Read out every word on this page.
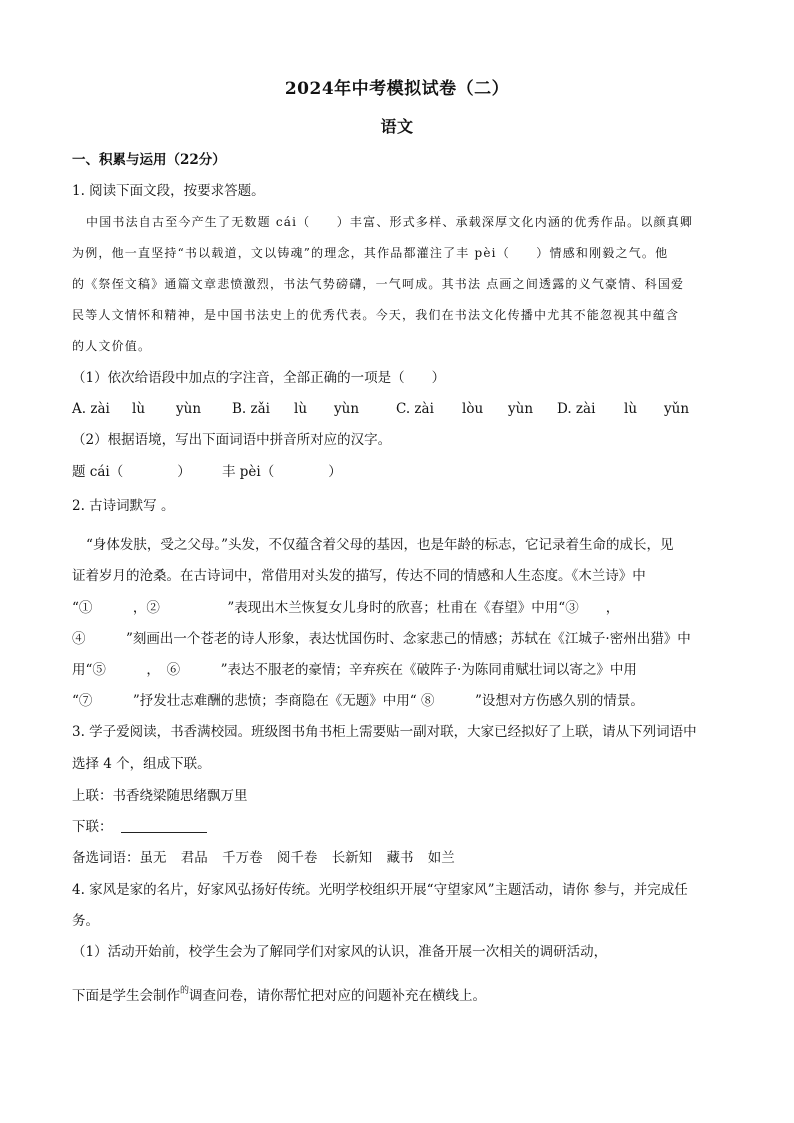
2024年中考模拟试卷（二）
语文
一、积累与运用（22分）
1. 阅读下面文段，按要求答题。
中国书法自古至今产生了无数题 cái（　　）丰富、形式多样、承载深厚文化内涵的优秀作品。以颜真卿
为例，他一直坚持“书以载道，文以铸魂”的理念，其作品都灌注了丰 pèi（　　）情感和刚毅之气。他
的《祭侄文稿》通篇文章悲愤激烈，书法气势磅礴，一气呵成。其书法 点画之间透露的义气豪情、科国爱
民等人文情怀和精神，是中国书法史上的优秀代表。今天，我们在书法文化传播中尤其不能忽视其中蕴含
的人文价值。
（1）依次给语段中加点的字注音，全部正确的一项是（　　）
A. zài lù yùn B. zǎi lù yùn	C. zài lòu yùn D. zài lù yǔn
（2）根据语境，写出下面词语中拼音所对应的汉字。
题 cái（　　　　） 丰 pèi（　　　　）
2. 古诗词默写 。
“身体发肤，受之父母。”头发，不仅蕴含着父母的基因，也是年龄的标志，它记录着生命的成长，见
证着岁月的沧桑。在古诗词中，常借用对头发的描写，传达不同的情感和人生态度。《木兰诗》中
“①　　　，②　　　　　”表现出木兰恢复女儿身时的欣喜；杜甫在《春望》中用“③　　，
④　　　”刻画出一个苍老的诗人形象，表达忧国伤时、念家悲己的情感；苏轼在《江城子·密州出猎》中
用“⑤　　　，　⑥　　　”表达不服老的豪情；辛弃疾在《破阵子·为陈同甫赋壮词以寄之》中用
“⑦　　　”抒发壮志难酬的悲愤；李商隐在《无题》中用“ ⑧　　　”设想对方伤感久别的情景。
3. 学子爱阅读，书香满校园。班级图书角书柜上需要贴一副对联，大家已经拟好了上联，请从下列词语中
选择 4 个，组成下联。
上联：书香绕梁随思绪飘万里
下联：
备选词语：虽无 君品 千万卷 阅千卷 长新知 藏书 如兰
4. 家风是家的名片，好家风弘扬好传统。光明学校组织开展“守望家风”主题活动，请你 参与，并完成任
务。
（1）活动开始前，校学生会为了解同学们对家风的认识，准备开展一次相关的调研活动，
下面是学生会制作$^的$调查问卷，请你帮忙把对应的问题补充在横线上。
